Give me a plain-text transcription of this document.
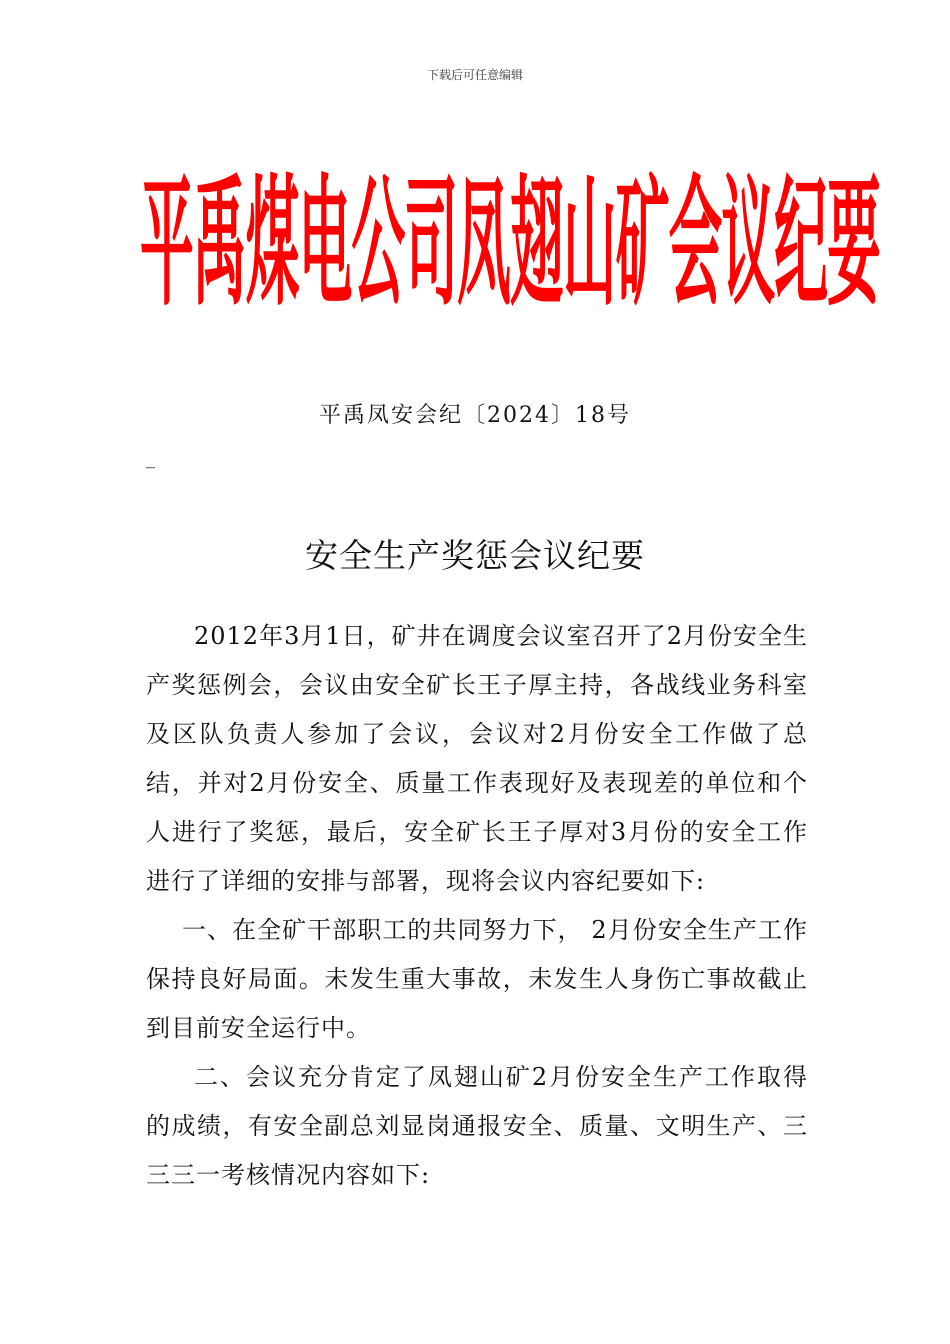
下载后可任意编辑
平禹煤电公司凤翅山矿会议纪要
平禹凤安会纪〔2024〕18号
_
安全生产奖惩会议纪要

2012年3月1日，矿井在调度会议室召开了2月份安全生产奖惩例会，会议由安全矿长王子厚主持，各战线业务科室及区队负责人参加了会议，会议对2月份安全工作做了总结，并对2月份安全、质量工作表现好及表现差的单位和个人进行了奖惩，最后，安全矿长王子厚对3月份的安全工作进行了详细的安排与部署，现将会议内容纪要如下:

一、在全矿干部职工的共同努力下， 2月份安全生产工作保持良好局面。未发生重大事故，未发生人身伤亡事故截止到目前安全运行中。

二、会议充分肯定了凤翅山矿2月份安全生产工作取得的成绩，有安全副总刘显岗通报安全、质量、文明生产、三三三一考核情况内容如下:
